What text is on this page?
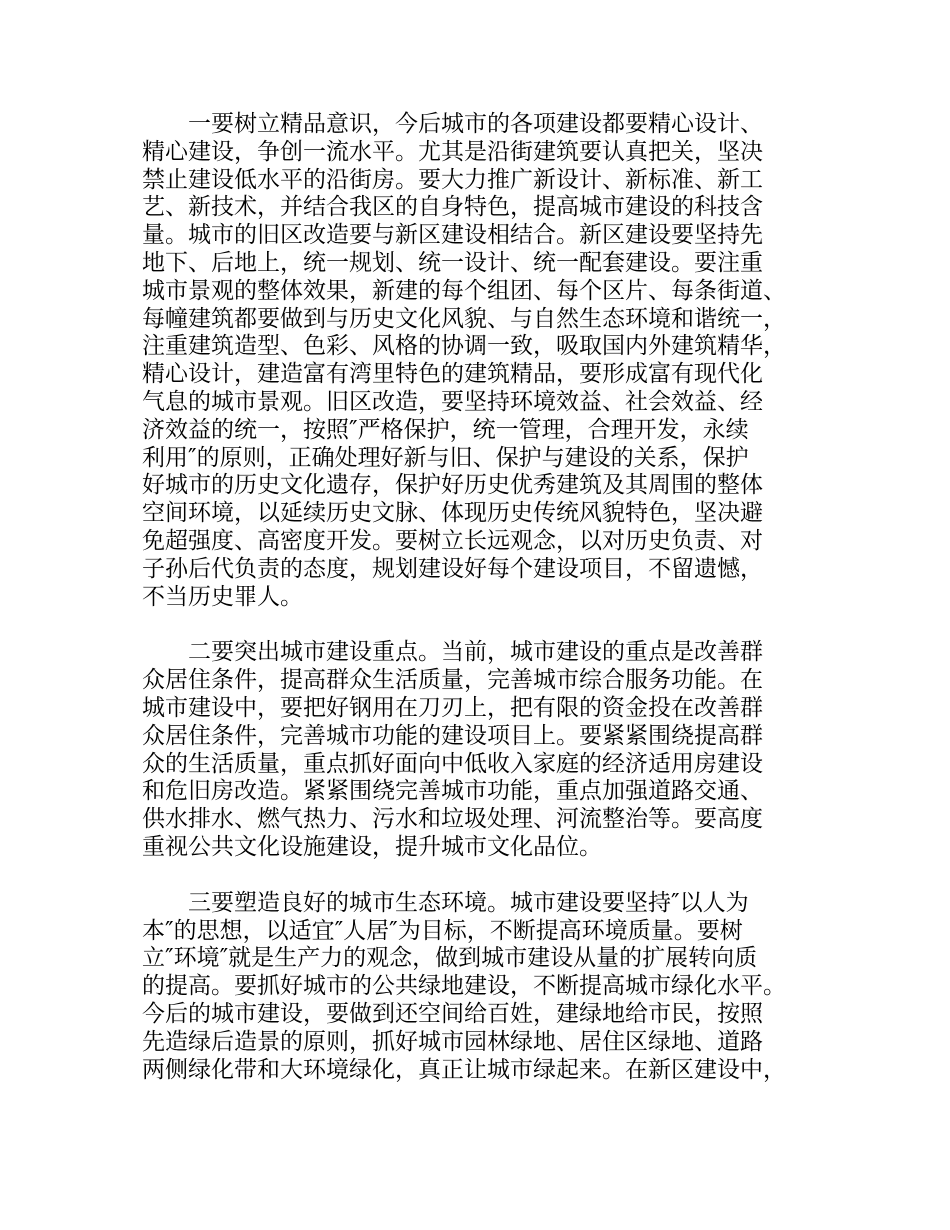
一要树立精品意识，今后城市的各项建设都要精心设计、
精心建设，争创一流水平。尤其是沿街建筑要认真把关，坚决
禁止建设低水平的沿街房。要大力推广新设计、新标准、新工
艺、新技术，并结合我区的自身特色，提高城市建设的科技含
量。城市的旧区改造要与新区建设相结合。新区建设要坚持先
地下、后地上，统一规划、统一设计、统一配套建设。要注重
城市景观的整体效果，新建的每个组团、每个区片、每条街道、
每幢建筑都要做到与历史文化风貌、与自然生态环境和谐统一，
注重建筑造型、色彩、风格的协调一致，吸取国内外建筑精华，
精心设计，建造富有湾里特色的建筑精品，要形成富有现代化
气息的城市景观。旧区改造，要坚持环境效益、社会效益、经
济效益的统一，按照″严格保护，统一管理，合理开发，永续
利用″的原则，正确处理好新与旧、保护与建设的关系，保护
好城市的历史文化遗存，保护好历史优秀建筑及其周围的整体
空间环境，以延续历史文脉、体现历史传统风貌特色，坚决避
免超强度、高密度开发。要树立长远观念，以对历史负责、对
子孙后代负责的态度，规划建设好每个建设项目，不留遗憾，
不当历史罪人。
二要突出城市建设重点。当前，城市建设的重点是改善群
众居住条件，提高群众生活质量，完善城市综合服务功能。在
城市建设中，要把好钢用在刀刃上，把有限的资金投在改善群
众居住条件，完善城市功能的建设项目上。要紧紧围绕提高群
众的生活质量，重点抓好面向中低收入家庭的经济适用房建设
和危旧房改造。紧紧围绕完善城市功能，重点加强道路交通、
供水排水、燃气热力、污水和垃圾处理、河流整治等。要高度
重视公共文化设施建设，提升城市文化品位。
三要塑造良好的城市生态环境。城市建设要坚持″以人为
本″的思想，以适宜″人居″为目标，不断提高环境质量。要树
立″环境″就是生产力的观念，做到城市建设从量的扩展转向质
的提高。要抓好城市的公共绿地建设，不断提高城市绿化水平。
今后的城市建设，要做到还空间给百姓，建绿地给市民，按照
先造绿后造景的原则，抓好城市园林绿地、居住区绿地、道路
两侧绿化带和大环境绿化，真正让城市绿起来。在新区建设中，
